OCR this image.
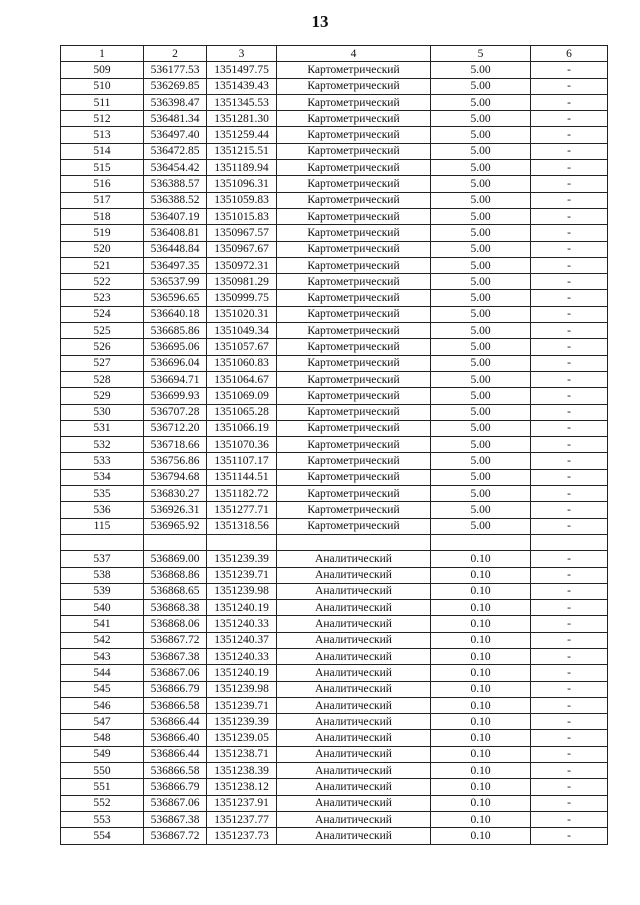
13
1	2	3	4	5	6
509	536177.53	1351497.75	Картометрический	5.00	-
510	536269.85	1351439.43	Картометрический	5.00	-
511	536398.47	1351345.53	Картометрический	5.00	-
512	536481.34	1351281.30	Картометрический	5.00	-
513	536497.40	1351259.44	Картометрический	5.00	-
514	536472.85	1351215.51	Картометрический	5.00	-
515	536454.42	1351189.94	Картометрический	5.00	-
516	536388.57	1351096.31	Картометрический	5.00	-
517	536388.52	1351059.83	Картометрический	5.00	-
518	536407.19	1351015.83	Картометрический	5.00	-
519	536408.81	1350967.57	Картометрический	5.00	-
520	536448.84	1350967.67	Картометрический	5.00	-
521	536497.35	1350972.31	Картометрический	5.00	-
522	536537.99	1350981.29	Картометрический	5.00	-
523	536596.65	1350999.75	Картометрический	5.00	-
524	536640.18	1351020.31	Картометрический	5.00	-
525	536685.86	1351049.34	Картометрический	5.00	-
526	536695.06	1351057.67	Картометрический	5.00	-
527	536696.04	1351060.83	Картометрический	5.00	-
528	536694.71	1351064.67	Картометрический	5.00	-
529	536699.93	1351069.09	Картометрический	5.00	-
530	536707.28	1351065.28	Картометрический	5.00	-
531	536712.20	1351066.19	Картометрический	5.00	-
532	536718.66	1351070.36	Картометрический	5.00	-
533	536756.86	1351107.17	Картометрический	5.00	-
534	536794.68	1351144.51	Картометрический	5.00	-
535	536830.27	1351182.72	Картометрический	5.00	-
536	536926.31	1351277.71	Картометрический	5.00	-
115	536965.92	1351318.56	Картометрический	5.00	-

537	536869.00	1351239.39	Аналитический	0.10	-
538	536868.86	1351239.71	Аналитический	0.10	-
539	536868.65	1351239.98	Аналитический	0.10	-
540	536868.38	1351240.19	Аналитический	0.10	-
541	536868.06	1351240.33	Аналитический	0.10	-
542	536867.72	1351240.37	Аналитический	0.10	-
543	536867.38	1351240.33	Аналитический	0.10	-
544	536867.06	1351240.19	Аналитический	0.10	-
545	536866.79	1351239.98	Аналитический	0.10	-
546	536866.58	1351239.71	Аналитический	0.10	-
547	536866.44	1351239.39	Аналитический	0.10	-
548	536866.40	1351239.05	Аналитический	0.10	-
549	536866.44	1351238.71	Аналитический	0.10	-
550	536866.58	1351238.39	Аналитический	0.10	-
551	536866.79	1351238.12	Аналитический	0.10	-
552	536867.06	1351237.91	Аналитический	0.10	-
553	536867.38	1351237.77	Аналитический	0.10	-
554	536867.72	1351237.73	Аналитический	0.10	-
